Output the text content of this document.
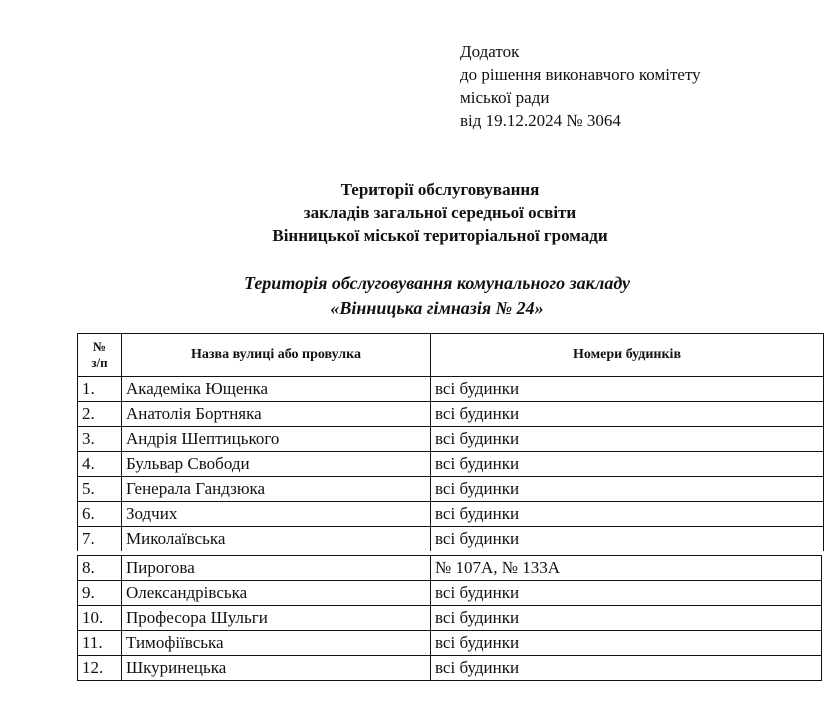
Додаток
до рішення виконавчого комітету
міської ради
від 19.12.2024 № 3064
Території обслуговування
закладів загальної середньої освіти
Вінницької міської територіальної громади
Територія обслуговування комунального закладу
«Вінницька гімназія № 24»
№
з/п	Назва вулиці або провулка	Номери будинків
1.	Академіка Ющенка	всі будинки
2.	Анатолія Бортняка	всі будинки
3.	Андрія Шептицького	всі будинки
4.	Бульвар Свободи	всі будинки
5.	Генерала Гандзюка	всі будинки
6.	Зодчих	всі будинки
7.	Миколаївська	всі будинки
8.	Пирогова	№ 107А, № 133А
9.	Олександрівська	всі будинки
10.	Професора Шульги	всі будинки
11.	Тимофіївська	всі будинки
12.	Шкуринецька	всі будинки
